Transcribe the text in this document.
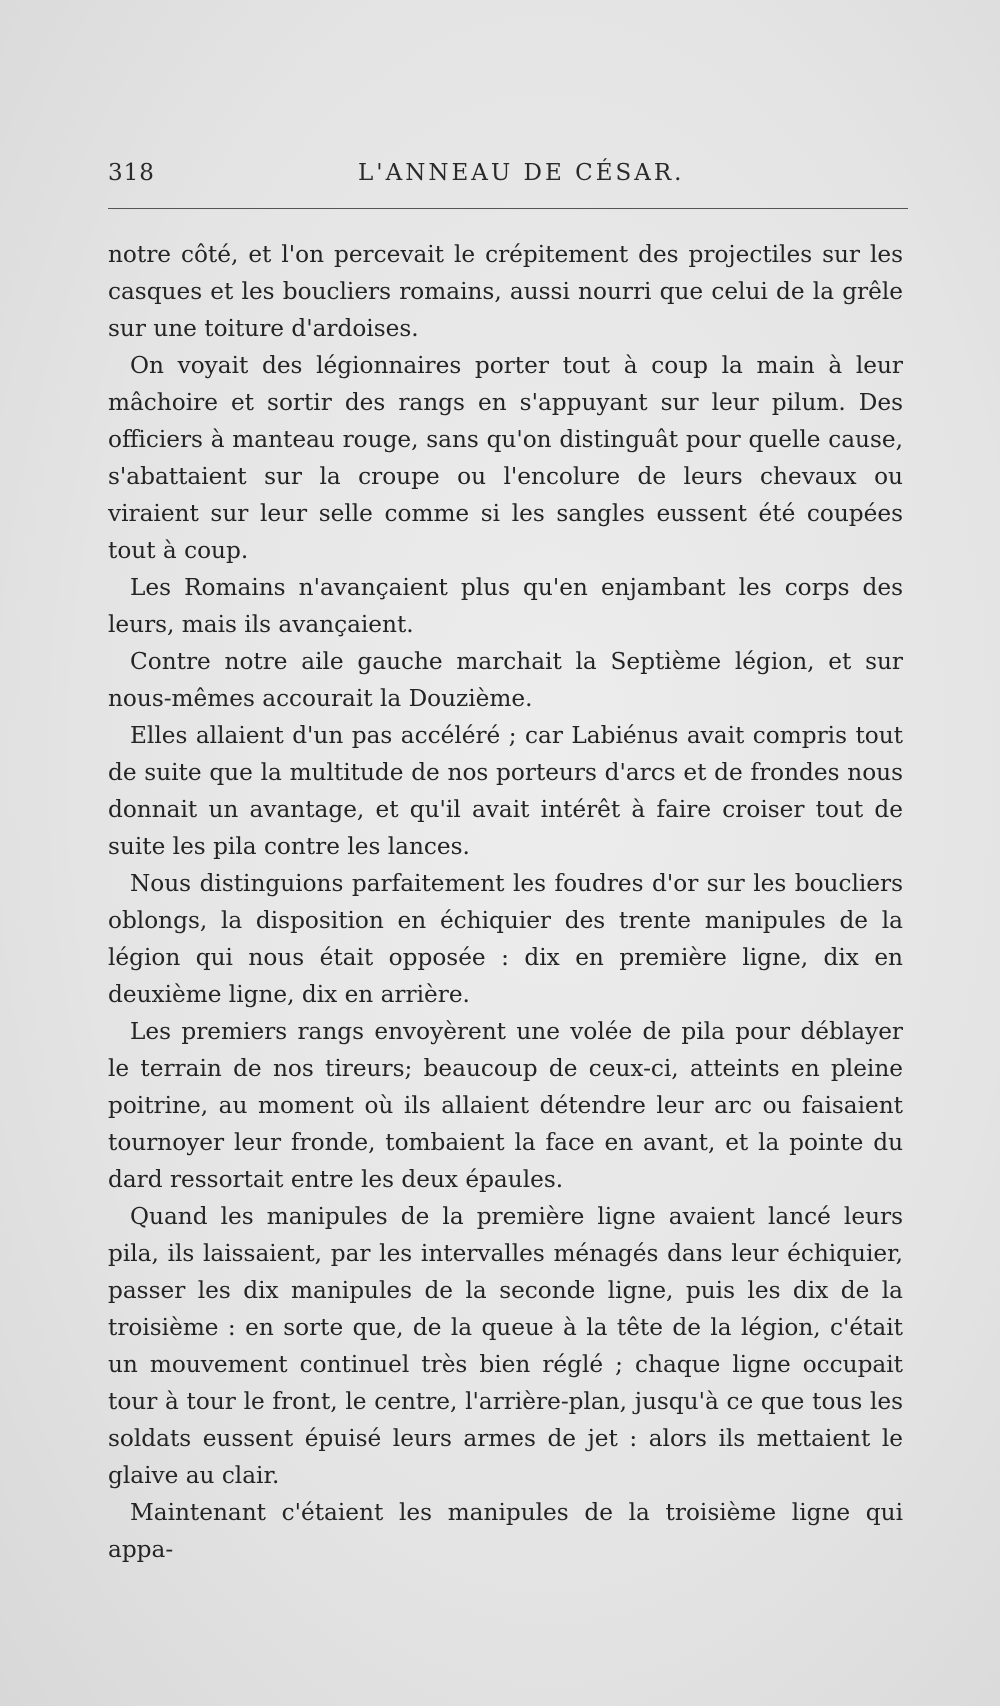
318	L'ANNEAU DE CÉSAR.

notre côté, et l'on percevait le crépitement des projectiles sur les casques et les boucliers romains, aussi nourri que celui de la grêle sur une toiture d'ardoises.

On voyait des légionnaires porter tout à coup la main à leur mâchoire et sortir des rangs en s'appuyant sur leur pilum. Des officiers à manteau rouge, sans qu'on distinguât pour quelle cause, s'abattaient sur la croupe ou l'encolure de leurs chevaux ou viraient sur leur selle comme si les sangles eussent été coupées tout à coup.

Les Romains n'avançaient plus qu'en enjambant les corps des leurs, mais ils avançaient.

Contre notre aile gauche marchait la Septième légion, et sur nous-mêmes accourait la Douzième.

Elles allaient d'un pas accéléré ; car Labiénus avait compris tout de suite que la multitude de nos porteurs d'arcs et de frondes nous donnait un avantage, et qu'il avait intérêt à faire croiser tout de suite les pila contre les lances.

Nous distinguions parfaitement les foudres d'or sur les boucliers oblongs, la disposition en échiquier des trente manipules de la légion qui nous était opposée : dix en première ligne, dix en deuxième ligne, dix en arrière.

Les premiers rangs envoyèrent une volée de pila pour déblayer le terrain de nos tireurs; beaucoup de ceux-ci, atteints en pleine poitrine, au moment où ils allaient détendre leur arc ou faisaient tournoyer leur fronde, tombaient la face en avant, et la pointe du dard ressortait entre les deux épaules.

Quand les manipules de la première ligne avaient lancé leurs pila, ils laissaient, par les intervalles ménagés dans leur échiquier, passer les dix manipules de la seconde ligne, puis les dix de la troisième : en sorte que, de la queue à la tête de la légion, c'était un mouvement continuel très bien réglé ; chaque ligne occupait tour à tour le front, le centre, l'arrière-plan, jusqu'à ce que tous les soldats eussent épuisé leurs armes de jet : alors ils mettaient le glaive au clair.

Maintenant c'étaient les manipules de la troisième ligne qui appa-
